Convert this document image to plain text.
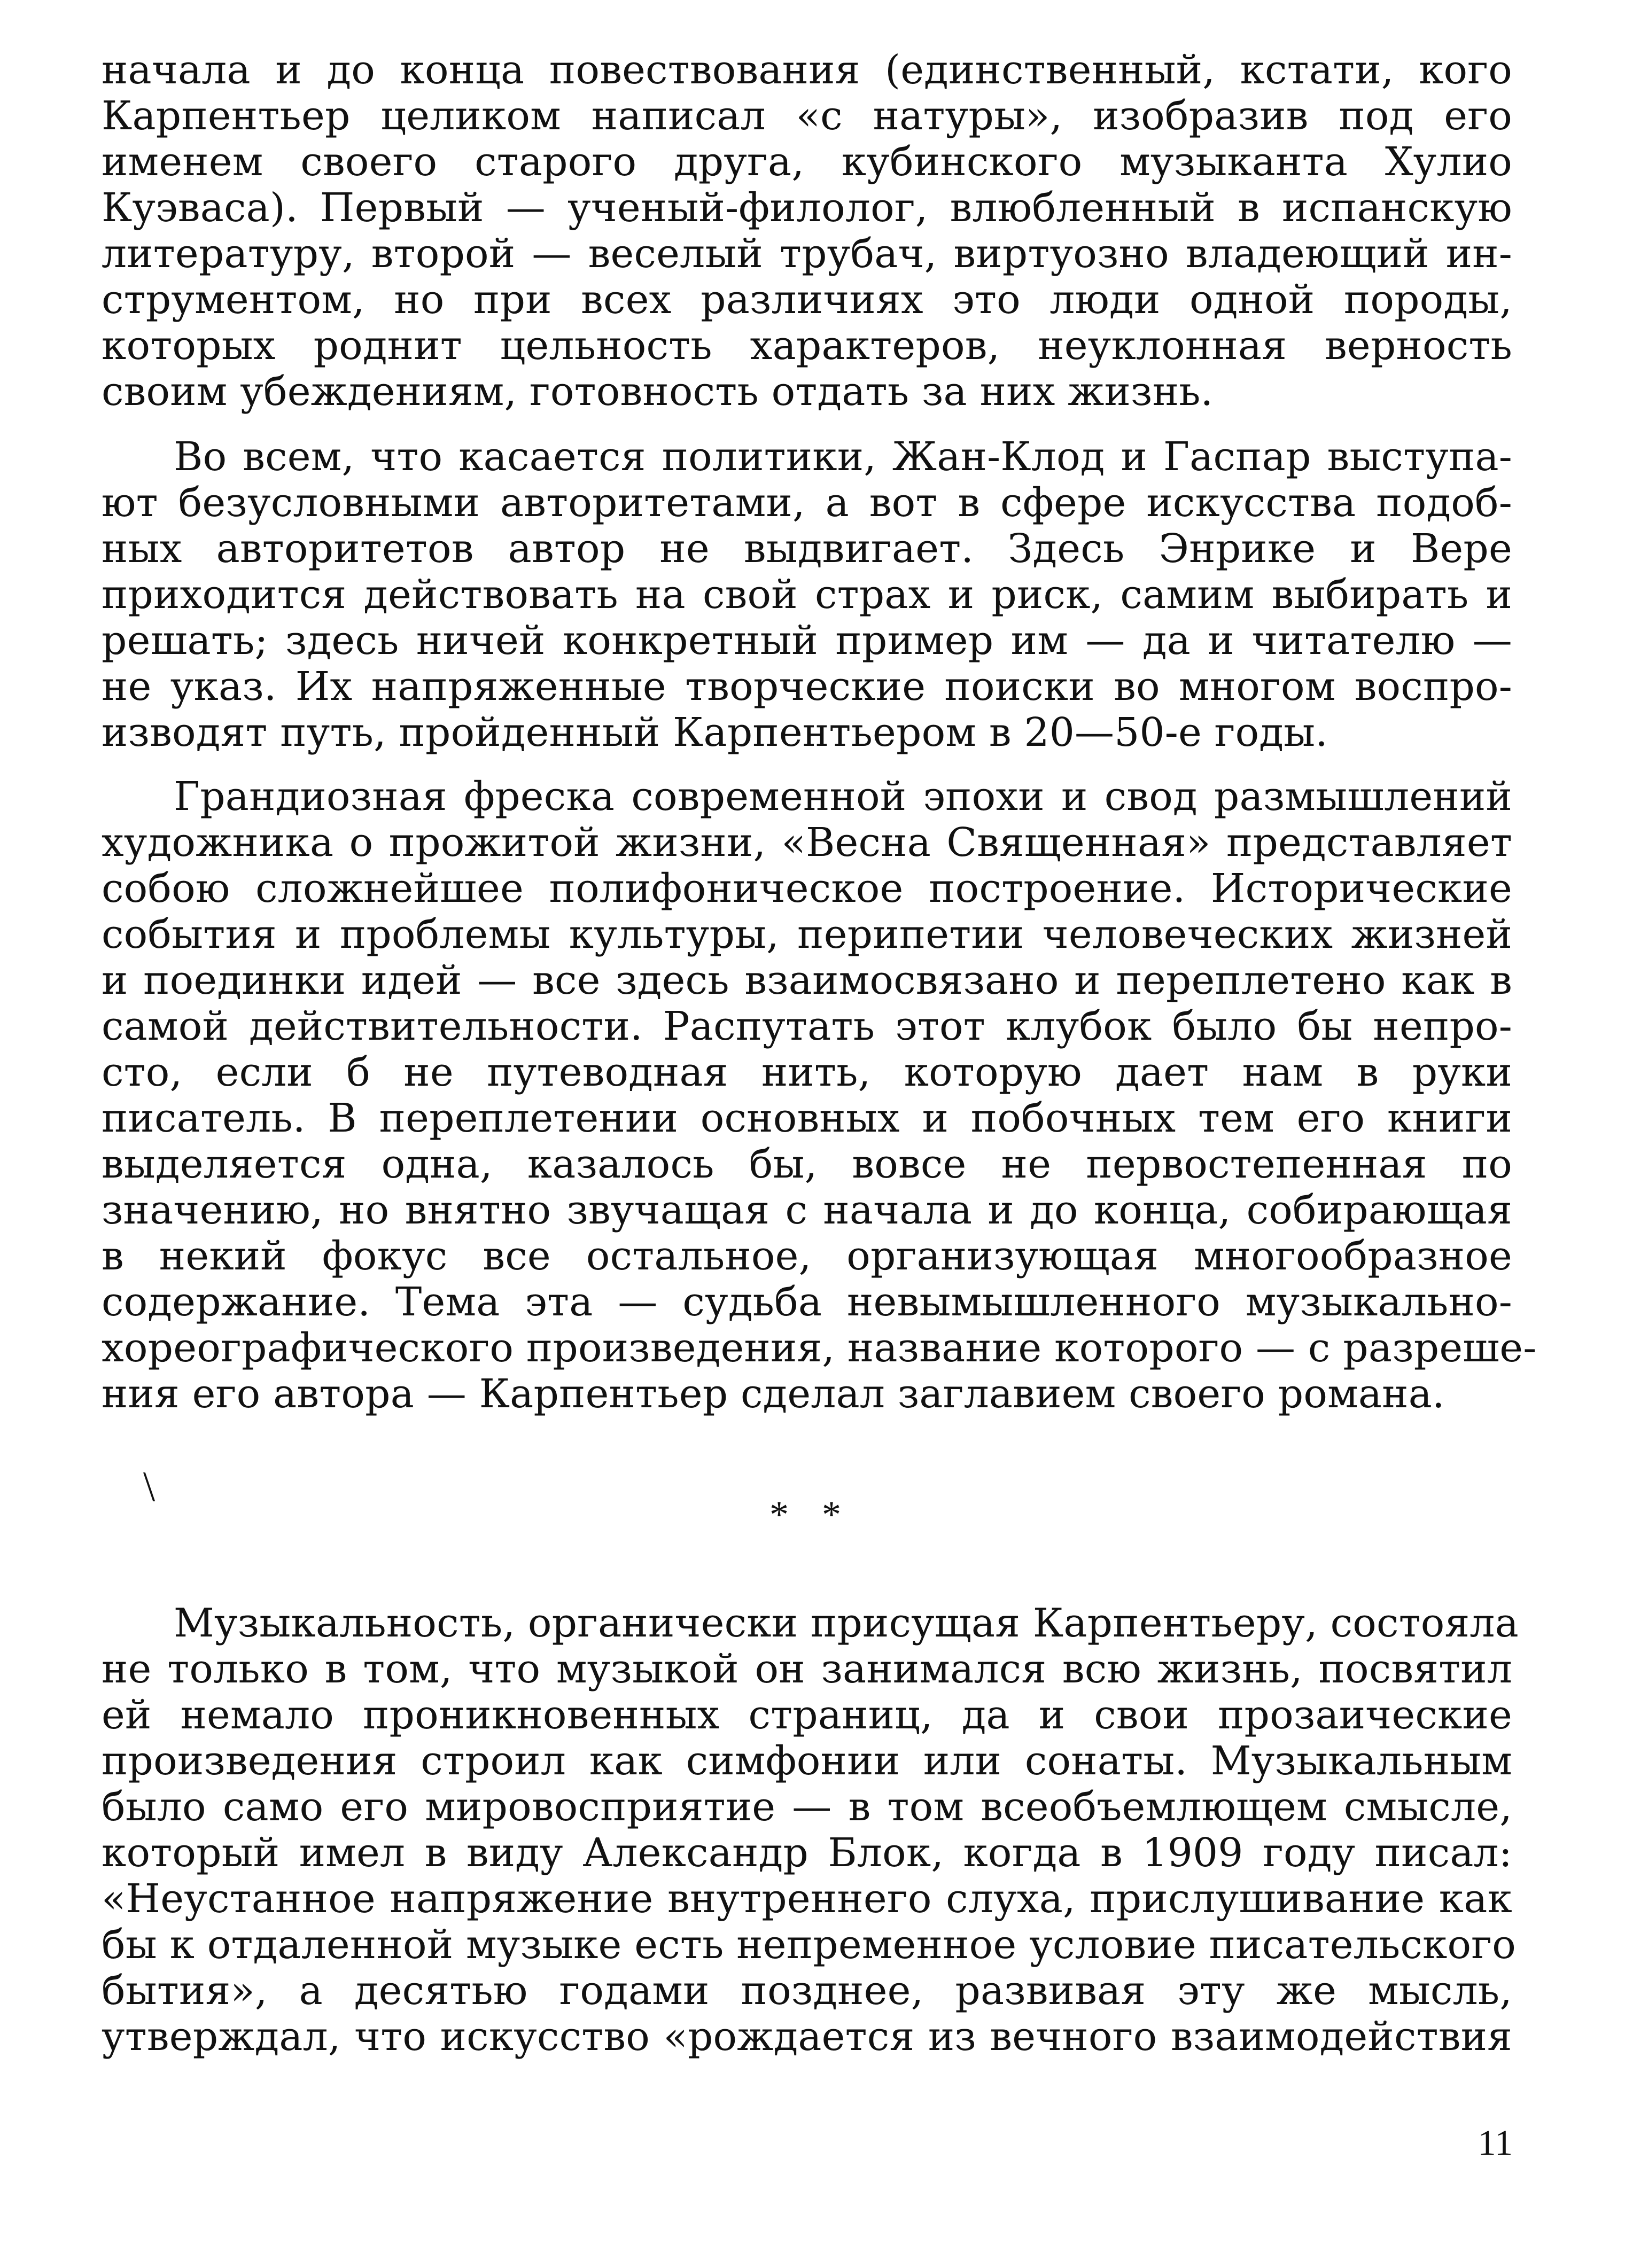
начала и до конца повествования (единственный, кстати, кого
Карпентьер целиком написал «с натуры», изобразив под его
именем своего старого друга, кубинского музыканта Хулио
Куэваса). Первый — ученый-филолог, влюбленный в испанскую
литературу, второй — веселый трубач, виртуозно владеющий ин-
струментом, но при всех различиях это люди одной породы,
которых роднит цельность характеров, неуклонная верность
своим убеждениям, готовность отдать за них жизнь.
Во всем, что касается политики, Жан-Клод и Гаспар выступа-
ют безусловными авторитетами, а вот в сфере искусства подоб-
ных авторитетов автор не выдвигает. Здесь Энрике и Вере
приходится действовать на свой страх и риск, самим выбирать и
решать; здесь ничей конкретный пример им — да и читателю —
не указ. Их напряженные творческие поиски во многом воспро-
изводят путь, пройденный Карпентьером в 20—50-е годы.
Грандиозная фреска современной эпохи и свод размышлений
художника о прожитой жизни, «Весна Священная» представляет
собою сложнейшее полифоническое построение. Исторические
события и проблемы культуры, перипетии человеческих жизней
и поединки идей — все здесь взаимосвязано и переплетено как в
самой действительности. Распутать этот клубок было бы непро-
сто, если б не путеводная нить, которую дает нам в руки
писатель. В переплетении основных и побочных тем его книги
выделяется одна, казалось бы, вовсе не первостепенная по
значению, но внятно звучащая с начала и до конца, собирающая
в некий фокус все остальное, организующая многообразное
содержание. Тема эта — судьба невымышленного музыкально-
хореографического произведения, название которого — с разреше-
ния его автора — Карпентьер сделал заглавием своего романа.
\
* *
Музыкальность, органически присущая Карпентьеру, состояла
не только в том, что музыкой он занимался всю жизнь, посвятил
ей немало проникновенных страниц, да и свои прозаические
произведения строил как симфонии или сонаты. Музыкальным
было само его мировосприятие — в том всеобъемлющем смысле,
который имел в виду Александр Блок, когда в 1909 году писал:
«Неустанное напряжение внутреннего слуха, прислушивание как
бы к отдаленной музыке есть непременное условие писательского
бытия», а десятью годами позднее, развивая эту же мысль,
утверждал, что искусство «рождается из вечного взаимодействия
11
